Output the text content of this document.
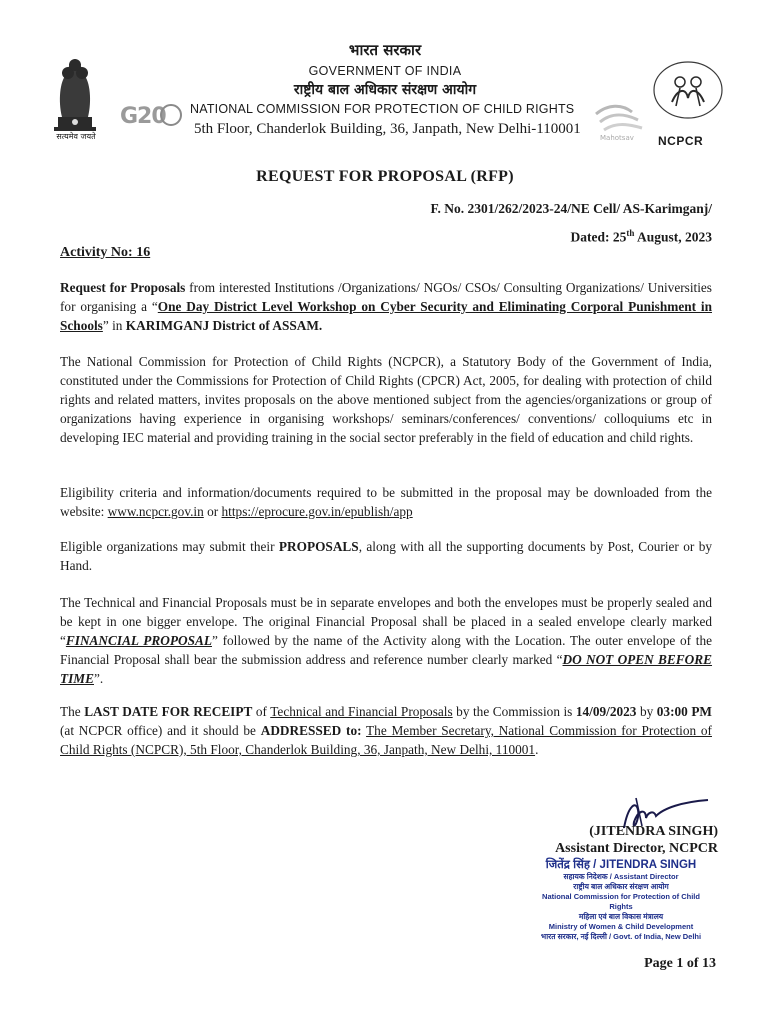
सत्यमेव जयते
G20
भारत सरकार
GOVERNMENT OF INDIA
राष्ट्रीय बाल अधिकार संरक्षण आयोग
NATIONAL COMMISSION FOR PROTECTION OF CHILD RIGHTS
5th Floor, Chanderlok Building, 36, Janpath, New Delhi-110001
Mahotsav NCPCR
REQUEST FOR PROPOSAL (RFP)
F. No. 2301/262/2023-24/NE Cell/ AS-Karimganj/
Dated: 25th August, 2023
Activity No: 16
Request for Proposals from interested Institutions /Organizations/ NGOs/ CSOs/ Consulting Organizations/ Universities for organising a “One Day District Level Workshop on Cyber Security and Eliminating Corporal Punishment in Schools” in KARIMGANJ District of ASSAM.
The National Commission for Protection of Child Rights (NCPCR), a Statutory Body of the Government of India, constituted under the Commissions for Protection of Child Rights (CPCR) Act, 2005, for dealing with protection of child rights and related matters, invites proposals on the above mentioned subject from the agencies/organizations or group of organizations having experience in organising workshops/ seminars/conferences/ conventions/ colloquiums etc in developing IEC material and providing training in the social sector preferably in the field of education and child rights.
Eligibility criteria and information/documents required to be submitted in the proposal may be downloaded from the website: www.ncpcr.gov.in or https://eprocure.gov.in/epublish/app
Eligible organizations may submit their PROPOSALS, along with all the supporting documents by Post, Courier or by Hand.
The Technical and Financial Proposals must be in separate envelopes and both the envelopes must be properly sealed and be kept in one bigger envelope. The original Financial Proposal shall be placed in a sealed envelope clearly marked “FINANCIAL PROPOSAL” followed by the name of the Activity along with the Location. The outer envelope of the Financial Proposal shall bear the submission address and reference number clearly marked “DO NOT OPEN BEFORE TIME”.
The LAST DATE FOR RECEIPT of Technical and Financial Proposals by the Commission is 14/09/2023 by 03:00 PM (at NCPCR office) and it should be ADDRESSED to: The Member Secretary, National Commission for Protection of Child Rights (NCPCR), 5th Floor, Chanderlok Building, 36, Janpath, New Delhi, 110001.
(JITENDRA SINGH)
Assistant Director, NCPCR
जितेंद्र सिंह / JITENDRA SINGH
सहायक निदेशक / Assistant Director
राष्ट्रीय बाल अधिकार संरक्षण आयोग
National Commission for Protection of Child Rights
महिला एवं बाल विकास मंत्रालय
Ministry of Women & Child Development
भारत सरकार, नई दिल्ली / Govt. of India, New Delhi
Page 1 of 13
